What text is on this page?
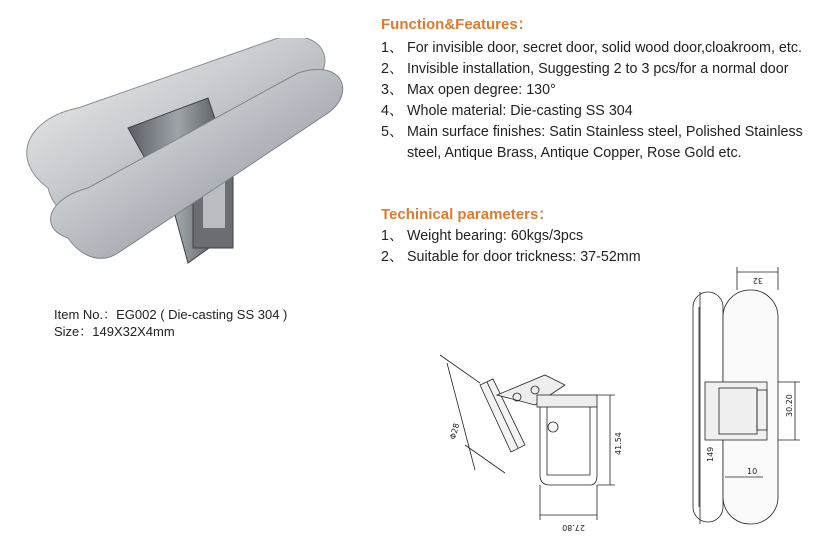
Function&Features：
1、 For invisible door, secret door, solid wood door,cloakroom, etc.
2、 Invisible installation, Suggesting 2 to 3 pcs/for a normal door
3、 Max open degree: 130°
4、 Whole material: Die-casting SS 304
5、 Main surface finishes: Satin Stainless steel, Polished Stainless
steel, Antique Brass, Antique Copper, Rose Gold etc.
Techinical parameters：
1、 Weight bearing: 60kgs/3pcs
2、 Suitable for door trickness: 37-52mm
Item No.：EG002 ( Die-casting SS 304 )
Size：149X32X4mm
Φ28
41.54
27.80
32
30.20
149
10
